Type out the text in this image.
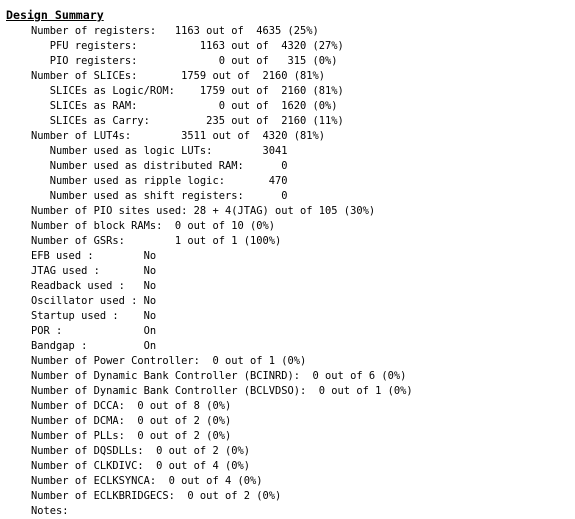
Design Summary
Number of registers:   1163 out of  4635 (25%)
PFU registers:          1163 out of  4320 (27%)
PIO registers:             0 out of   315 (0%)
Number of SLICEs:       1759 out of  2160 (81%)
SLICEs as Logic/ROM:    1759 out of  2160 (81%)
SLICEs as RAM:             0 out of  1620 (0%)
SLICEs as Carry:         235 out of  2160 (11%)
Number of LUT4s:        3511 out of  4320 (81%)
Number used as logic LUTs:        3041
Number used as distributed RAM:      0
Number used as ripple logic:       470
Number used as shift registers:      0
Number of PIO sites used: 28 + 4(JTAG) out of 105 (30%)
Number of block RAMs:  0 out of 10 (0%)
Number of GSRs:        1 out of 1 (100%)
EFB used :        No
JTAG used :       No
Readback used :   No
Oscillator used : No
Startup used :    No
POR :             On
Bandgap :         On
Number of Power Controller:  0 out of 1 (0%)
Number of Dynamic Bank Controller (BCINRD):  0 out of 6 (0%)
Number of Dynamic Bank Controller (BCLVDSO):  0 out of 1 (0%)
Number of DCCA:  0 out of 8 (0%)
Number of DCMA:  0 out of 2 (0%)
Number of PLLs:  0 out of 2 (0%)
Number of DQSDLLs:  0 out of 2 (0%)
Number of CLKDIVC:  0 out of 4 (0%)
Number of ECLKSYNCA:  0 out of 4 (0%)
Number of ECLKBRIDGECS:  0 out of 2 (0%)
Notes:
